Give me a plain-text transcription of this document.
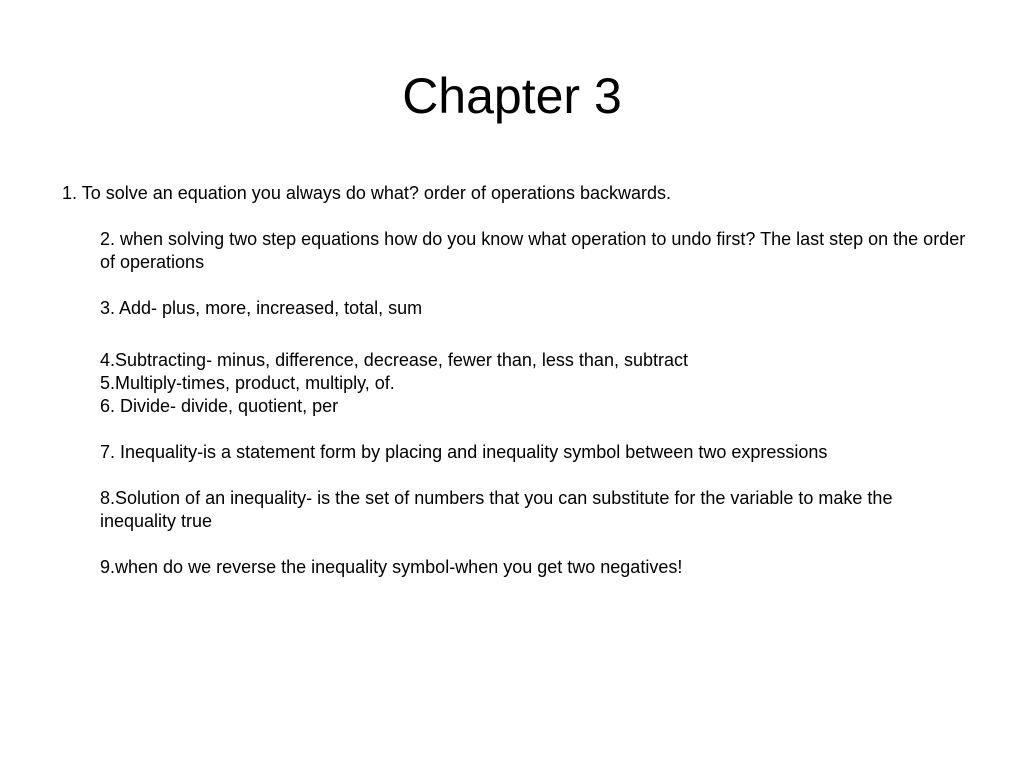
Chapter 3
1. To solve an equation you always do what? order of operations backwards.
2. when solving two step equations how do you know what operation to undo first? The last step on the order of operations
3. Add- plus, more, increased, total, sum
4.Subtracting- minus, difference, decrease, fewer than, less than, subtract
5.Multiply-times, product, multiply, of.
6. Divide- divide, quotient, per
7. Inequality-is a statement form by placing and inequality symbol between two expressions
8.Solution of an inequality- is the set of numbers that you can substitute for the variable to make the inequality true
9.when do we reverse the inequality symbol-when you get two negatives!
